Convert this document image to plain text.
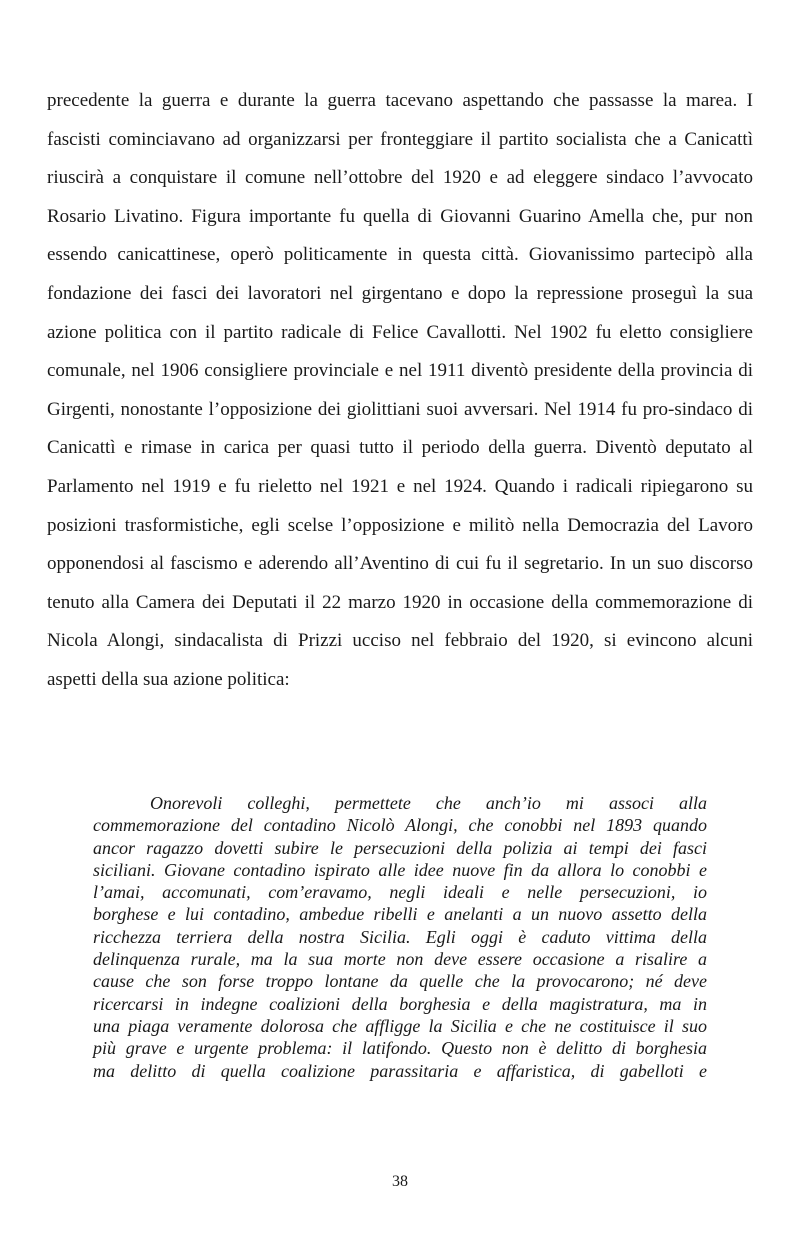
precedente la guerra e durante la guerra tacevano aspettando che passasse la marea. I
fascisti cominciavano ad organizzarsi per fronteggiare il partito socialista che a Canicattì
riuscirà a conquistare il comune nell’ottobre del 1920 e ad eleggere sindaco l’avvocato
Rosario Livatino. Figura importante fu quella di Giovanni Guarino Amella che, pur non
essendo canicattinese, operò politicamente in questa città. Giovanissimo partecipò alla
fondazione dei fasci dei lavoratori nel girgentano e dopo la repressione proseguì la sua
azione politica con il partito radicale di Felice Cavallotti. Nel 1902 fu eletto consigliere
comunale, nel 1906 consigliere provinciale e nel 1911 diventò presidente della provincia di
Girgenti, nonostante l’opposizione dei giolittiani suoi avversari. Nel 1914 fu pro-sindaco di
Canicattì e rimase in carica per quasi tutto il periodo della guerra. Diventò deputato al
Parlamento nel 1919 e fu rieletto nel 1921 e nel 1924. Quando i radicali ripiegarono su
posizioni trasformistiche, egli scelse l’opposizione e militò nella Democrazia del Lavoro
opponendosi al fascismo e aderendo all’Aventino di cui fu il segretario. In un suo discorso
tenuto alla Camera dei Deputati il 22 marzo 1920 in occasione della commemorazione di
Nicola Alongi, sindacalista di Prizzi ucciso nel febbraio del 1920, si evincono alcuni
aspetti della sua azione politica:
Onorevoli colleghi, permettete che anch’io mi associ alla
commemorazione del contadino Nicolò Alongi, che conobbi nel 1893 quando
ancor ragazzo dovetti subire le persecuzioni della polizia ai tempi dei fasci
siciliani. Giovane contadino ispirato alle idee nuove fin da allora lo conobbi e
l’amai, accomunati, com’eravamo, negli ideali e nelle persecuzioni, io
borghese e lui contadino, ambedue ribelli e anelanti a un nuovo assetto della
ricchezza terriera della nostra Sicilia. Egli oggi è caduto vittima della
delinquenza rurale, ma la sua morte non deve essere occasione a risalire a
cause che son forse troppo lontane da quelle che la provocarono; né deve
ricercarsi in indegne coalizioni della borghesia e della magistratura, ma in
una piaga veramente dolorosa che affligge la Sicilia e che ne costituisce il suo
più grave e urgente problema: il latifondo. Questo non è delitto di borghesia
ma delitto di quella coalizione parassitaria e affaristica, di gabelloti e
38
